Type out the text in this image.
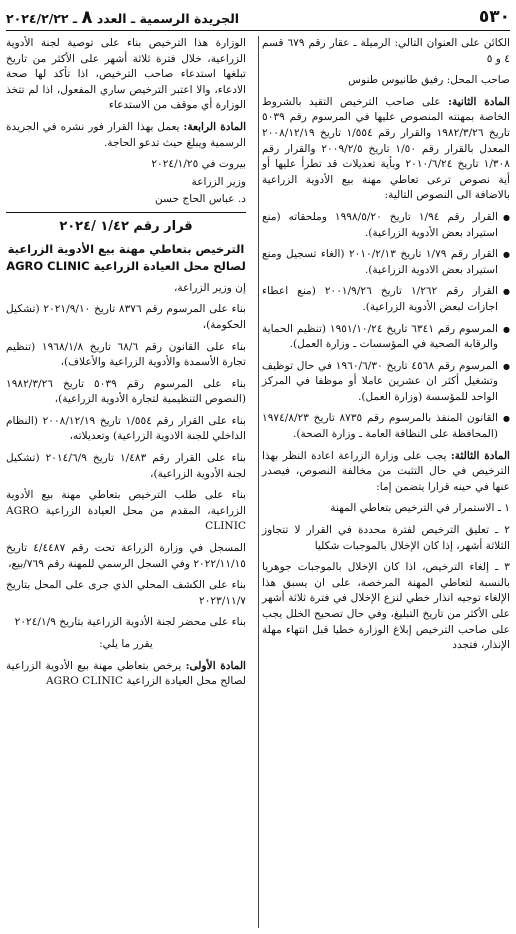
٥٣٠
الجريدة الرسمية ـ العدد ٨ ـ ٢٠٢٤/٢/٢٢

الكائن على العنوان التالي: الرميلة ـ عقار رقم ٦٧٩ قسم ٤ و ٥

صاحب المحل: رفيق طانيوس طنوس

المادة الثانية: على صاحب الترخيص التقيد بالشروط الخاصة بمهنته المنصوص عليها في المرسوم رقم ٥٠٣٩ تاريخ ١٩٨٢/٣/٢٦ والقرار رقم ١/٥٥٤ تاريخ ٢٠٠٨/١٢/١٩ المعدل بالقرار رقم ١/٥٠ تاريخ ٢٠٠٩/٢/٥ والقرار رقم ١/٣٠٨ تاريخ ٢٠١٠/٦/٢٤ وبأية تعديلات قد تطرأ عليها أو أية نصوص ترعى تعاطي مهنة بيع الأدوية الزراعية بالاضافة الى النصوص التالية:

● القرار رقم ١/٩٤ تاريخ ١٩٩٨/٥/٢٠ وملحقاته (منع استيراد بعض الأدوية الزراعية).
● القرار رقم ١/٧٩ تاريخ ٢٠١٠/٢/١٣ (الغاء تسجيل ومنع استيراد بعض الادوية الزراعية).
● القرار رقم ١/٢٦٢ تاريخ ٢٠٠١/٩/٢٦ (منع اعطاء اجازات لبعض الأدوية الزراعية).
● المرسوم رقم ٦٣٤١ تاريخ ١٩٥١/١٠/٢٤ (تنظيم الحماية والرقابة الصحية في المؤسسات ـ وزارة العمل).
● المرسوم رقم ٤٥٦٨ تاريخ ١٩٦٠/٦/٣٠ في حال توظيف وتشغيل أكثر ان عشرين عاملا أو موظفا في المركز الواحد للمؤسسة (وزارة العمل).
● القانون المنفذ بالمرسوم رقم ٨٧٣٥ تاريخ ١٩٧٤/٨/٢٣ (المحافظة على النظافة العامة ـ وزارة الصحة).

المادة الثالثة: يجب على وزارة الزراعة اعادة النظر بهذا الترخيص في حال التثبت من مخالفة النصوص، فيصدر عنها في حينه قرارا يتضمن إما:

١ ـ الاستمرار في الترخيص بتعاطي المهنة

٢ ـ تعليق الترخيص لفترة محددة في القرار لا تتجاوز الثلاثة أشهر، إذا كان الإخلال بالموجبات شكليا

٣ ـ إلغاء الترخيص، اذا كان الإخلال بالموجبات جوهريا بالنسبة لتعاطي المهنة المرخصة، على ان يسبق هذا الإلغاء توجيه انذار خطي لنزع الإخلال في فترة ثلاثة أشهر على الأكثر من تاريخ التبليغ، وفي حال تصحيح الخلل يجب على صاحب الترخيص إبلاغ الوزارة خطيا قبل انتهاء مهلة الإنذار، فتجدد

الوزارة هذا الترخيص بناء على توصية لجنة الأدوية الزراعية، خلال فترة ثلاثة أشهر على الأكثر من تاريخ تبلغها استدعاء صاحب الترخيص، اذا تأكد لها صحة الادعاء، والا اعتبر الترخيص ساري المفعول، اذا لم تتخذ الوزارة أي موقف من الاستدعاء

المادة الرابعة: يعمل بهذا القرار فور نشره في الجريدة الرسمية ويبلغ حيث تدعو الحاجة.

بيروت في ٢٠٢٤/١/٢٥

وزير الزراعة

د. عباس الحاج حسن

قرار رقم ١/٤٢ /٢٠٢٤
الترخيص بتعاطي مهنة بيع الأدوية الزراعية
لصالح محل العيادة الزراعية AGRO CLINIC

إن وزير الزراعة،

بناء على المرسوم رقم ٨٣٧٦ تاريخ ٢٠٢١/٩/١٠ (تشكيل الحكومة)،

بناء على القانون رقم ٦٨/٦ تاريخ ١٩٦٨/١/٨ (تنظيم تجارة الأسمدة والأدوية الزراعية والأعلاف)،

بناء على المرسوم رقم ٥٠٣٩ تاريخ ١٩٨٢/٣/٢٦ (النصوص التنظيمية لتجارة الأدوية الزراعية)،

بناء على القرار رقم ١/٥٥٤ تاريخ ٢٠٠٨/١٢/١٩ (النظام الداخلي للجنة الادوية الزراعية) وتعديلاته،

بناء على القرار رقم ١/٤٨٣ تاريخ ٢٠١٤/٦/٩ (تشكيل لجنة الأدوية الزراعية)،

بناء على طلب الترخيص بتعاطي مهنة بيع الأدوية الزراعية، المقدم من محل العيادة الزراعية AGRO CLINIC

المسجل في وزارة الزراعة تحت رقم ٤/٤٤٨٧ تاريخ ٢٠٢٢/١١/١٥ وفي السجل الرسمي للمهنة رقم ٧٦٩/بيع،

بناء على الكشف المحلي الذي جرى على المحل بتاريخ ٢٠٢٣/١١/٧

بناء على محضر لجنة الأدوية الزراعية بتاريخ ٢٠٢٤/١/٩

يقرر ما يلي:

المادة الأولى: يرخص بتعاطي مهنة بيع الأدوية الزراعية لصالح محل العيادة الزراعية AGRO CLINIC
